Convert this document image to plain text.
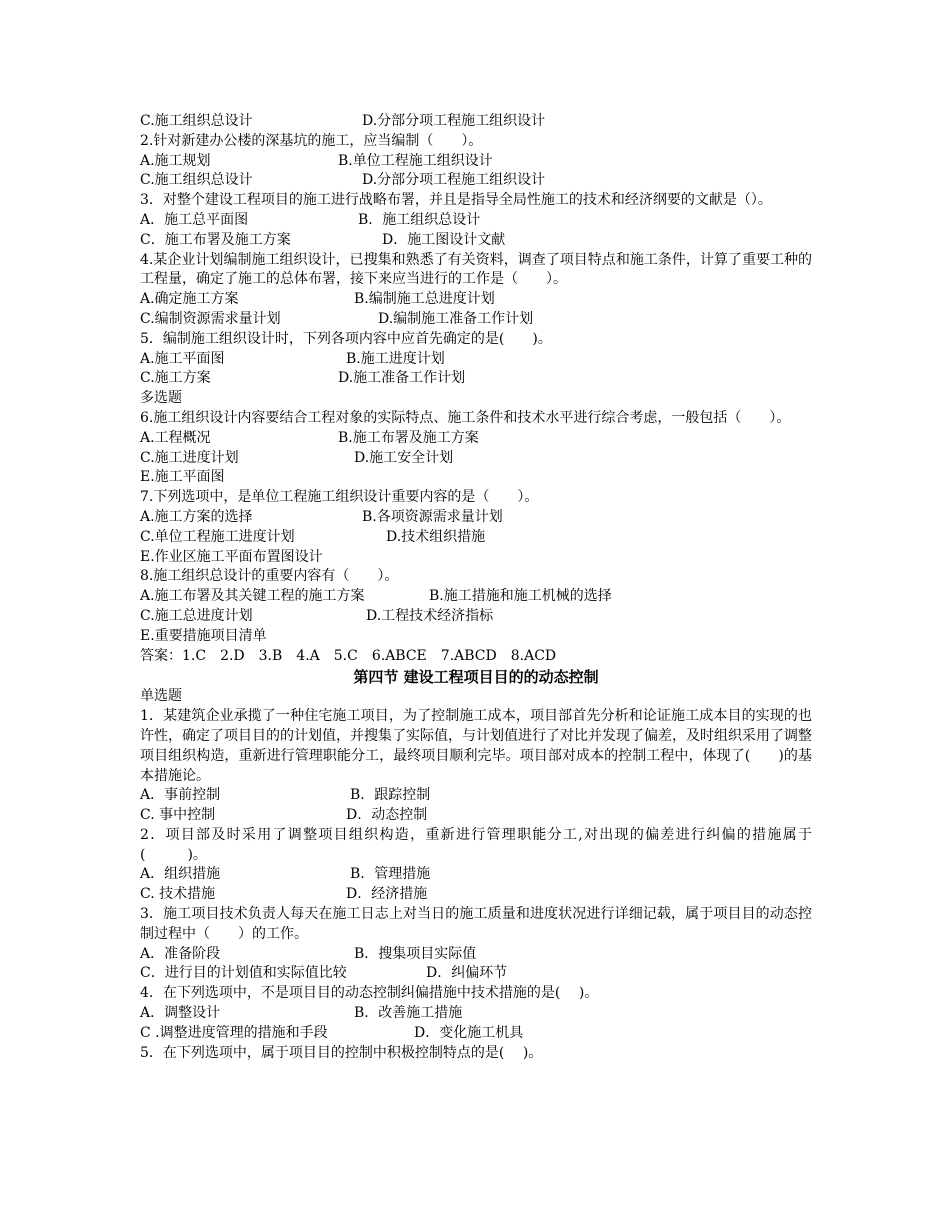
C.施工组织总设计	D.分部分项工程施工组织设计
2.针对新建办公楼的深基坑的施工，应当编制（　　）。
A.施工规划	B.单位工程施工组织设计
C.施工组织总设计	D.分部分项工程施工组织设计
3．对整个建设工程项目的施工进行战略布署，并且是指导全局性施工的技术和经济纲要的文献是（）。
A．施工总平面图	B．施工组织总设计
C．施工布署及施工方案	D．施工图设计文献
4.某企业计划编制施工组织设计，已搜集和熟悉了有关资料，调查了项目特点和施工条件，计算了重要工种的工程量，确定了施工的总体布署，接下来应当进行的工作是（　　）。
A.确定施工方案	B.编制施工总进度计划
C.编制资源需求量计划	D.编制施工准备工作计划
5．编制施工组织设计时，下列各项内容中应首先确定的是(　　)。
A.施工平面图	B.施工进度计划
C.施工方案	D.施工准备工作计划
多选题
6.施工组织设计内容要结合工程对象的实际特点、施工条件和技术水平进行综合考虑，一般包括（　　）。
A.工程概况	B.施工布署及施工方案
C.施工进度计划	D.施工安全计划
E.施工平面图
7.下列选项中，是单位工程施工组织设计重要内容的是（　　）。
A.施工方案的选择	B.各项资源需求量计划
C.单位工程施工进度计划	D.技术组织措施
E.作业区施工平面布置图设计
8.施工组织总设计的重要内容有（　　）。
A.施工布署及其关键工程的施工方案	B.施工措施和施工机械的选择
C.施工总进度计划	D.工程技术经济指标
E.重要措施项目清单
答案：1.C　2.D　3.B　4.A　5.C　6.ABCE　7.ABCD　8.ACD
第四节 建设工程项目目的的动态控制
单选题
1．某建筑企业承揽了一种住宅施工项目，为了控制施工成本，项目部首先分析和论证施工成本目的实现的也许性，确定了项目目的的计划值，并搜集了实际值，与计划值进行了对比并发现了偏差，及时组织采用了调整项目组织构造，重新进行管理职能分工，最终项目顺利完毕。项目部对成本的控制工程中，体现了(　　)的基本措施论。
A．事前控制	B．跟踪控制
C. 事中控制	D．动态控制
2．项目部及时采用了调整项目组织构造，重新进行管理职能分工,对出现的偏差进行纠偏的措施属于(　　　)。
A．组织措施	B．管理措施
C. 技术措施	D．经济措施
3．施工项目技术负责人每天在施工日志上对当日的施工质量和进度状况进行详细记载，属于项目目的动态控制过程中（　　）的工作。
A．准备阶段	B．搜集项目实际值
C．进行目的计划值和实际值比较	D．纠偏环节
4．在下列选项中，不是项目目的动态控制纠偏措施中技术措施的是(　 )。
A．调整设计	B．改善施工措施
C .调整进度管理的措施和手段	D．变化施工机具
5．在下列选项中，属于项目目的控制中积极控制特点的是(　 )。
